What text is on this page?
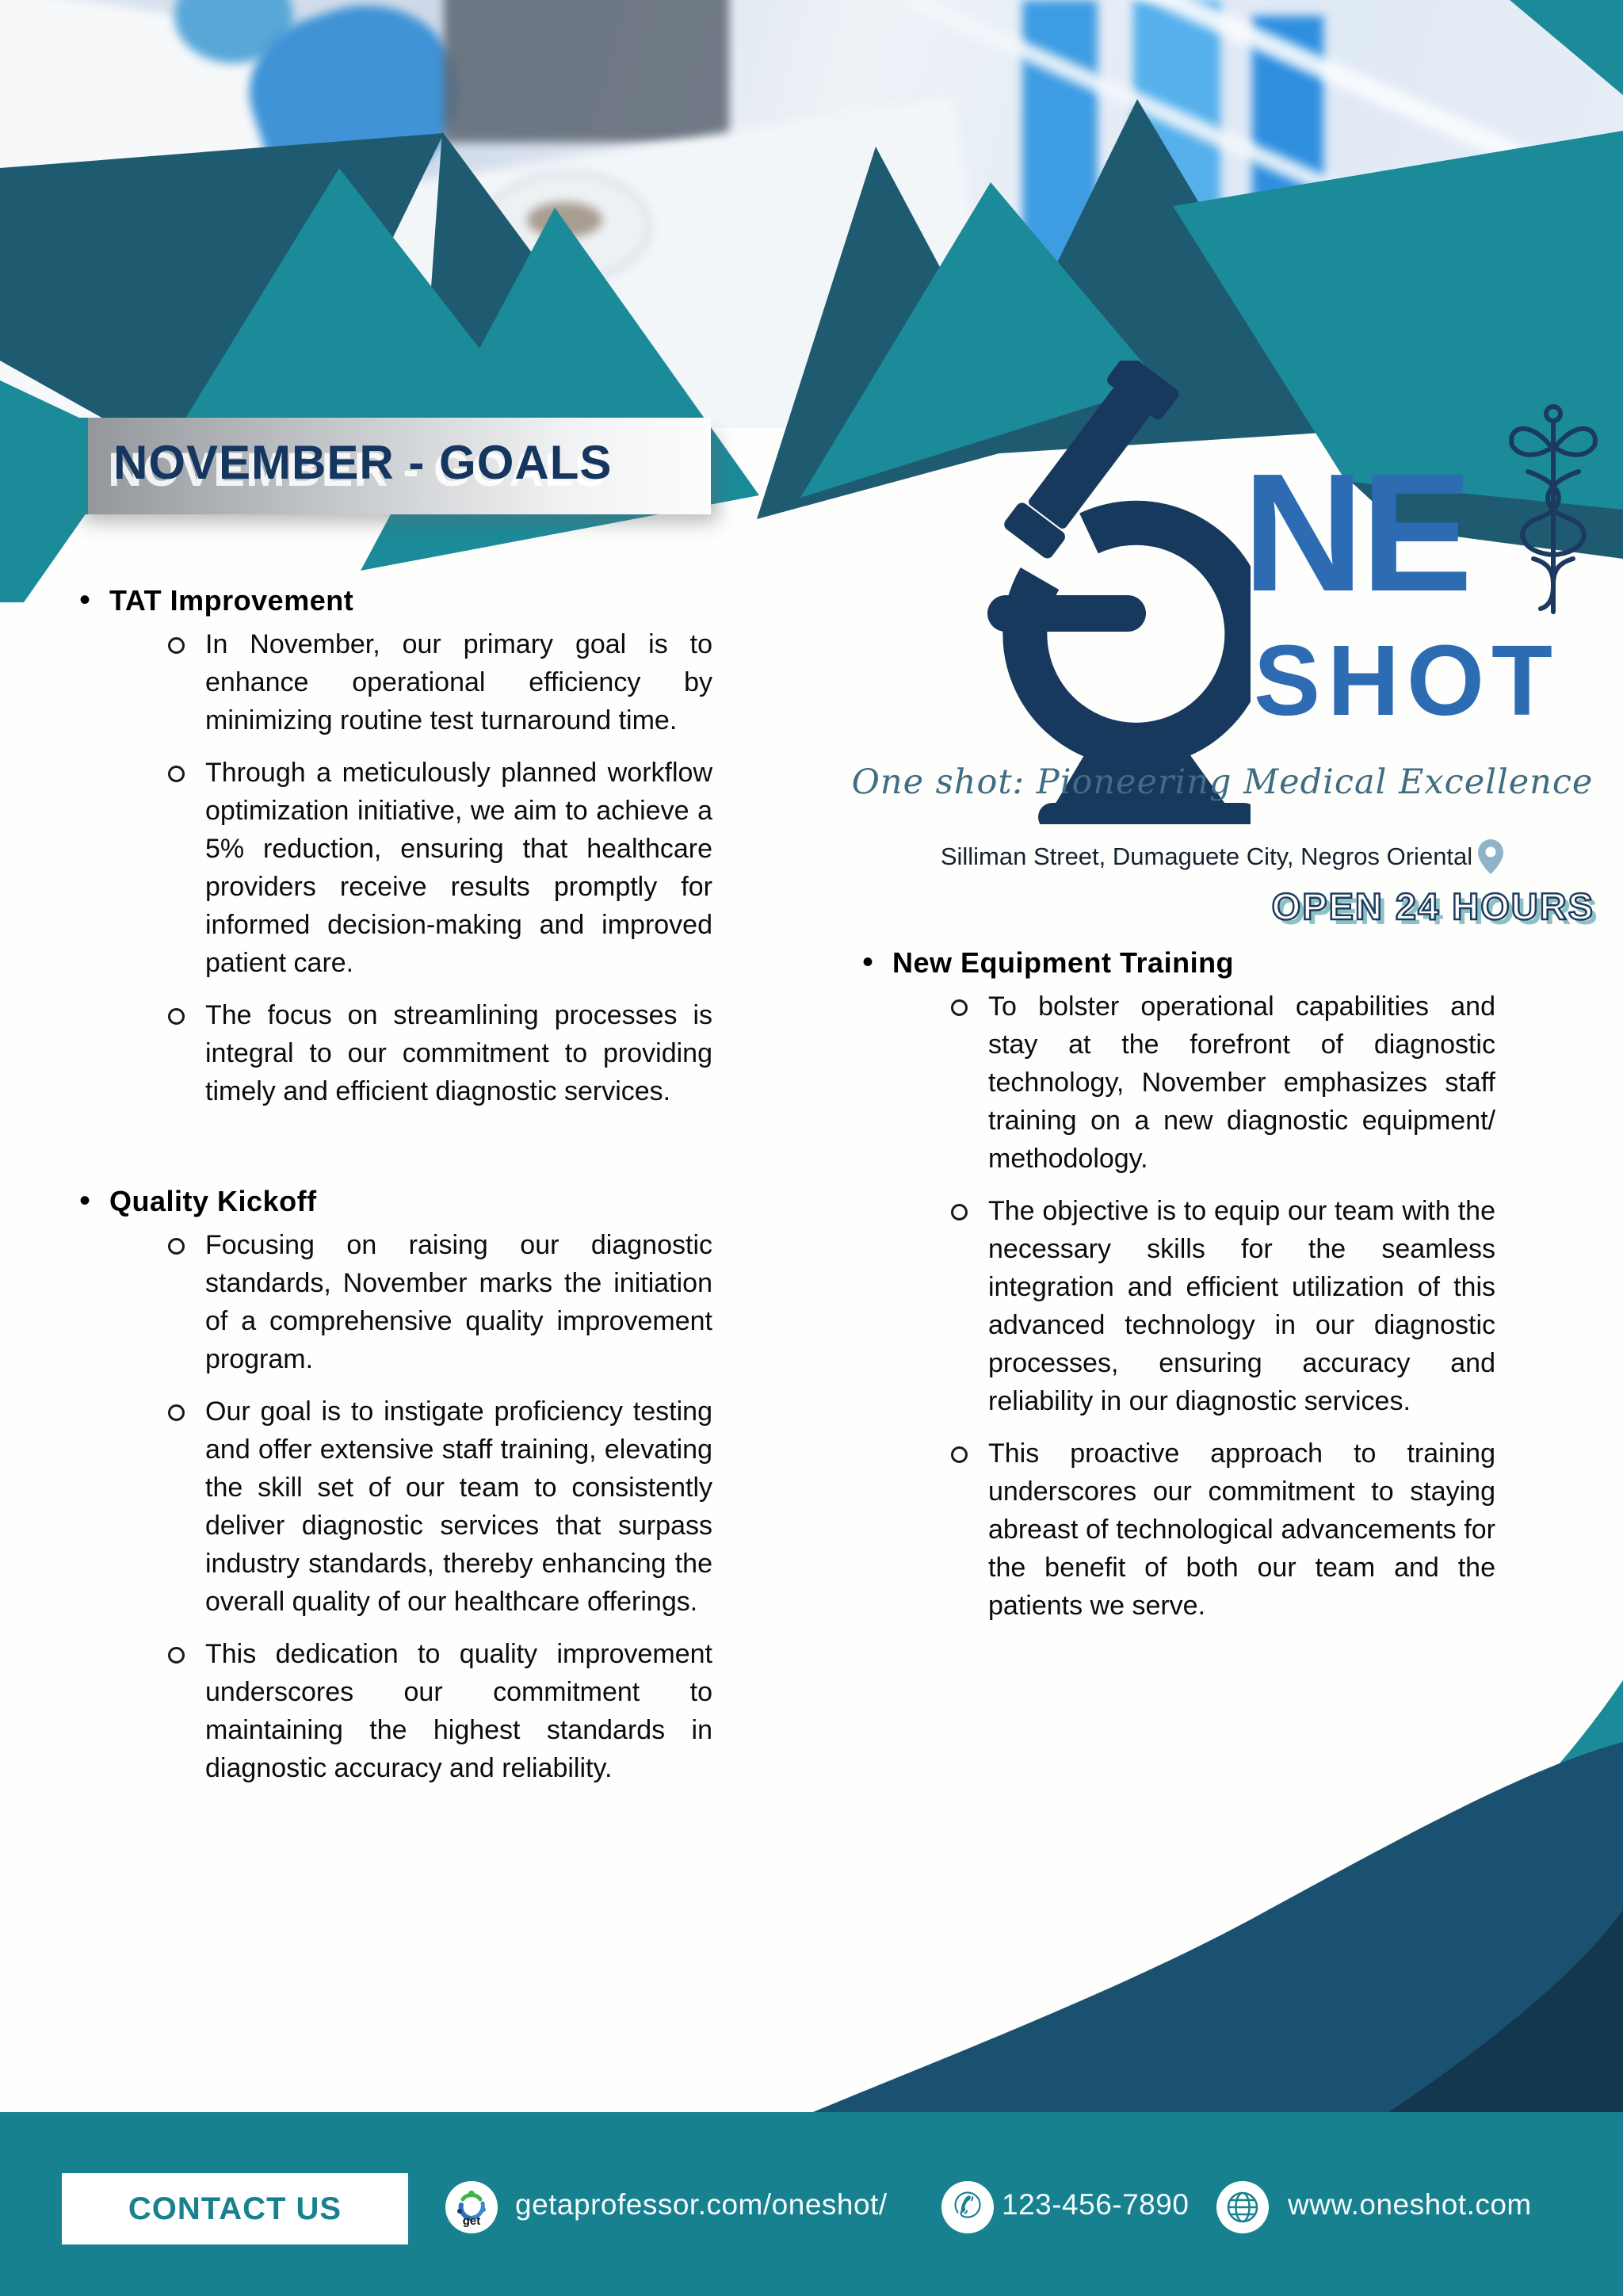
NOVEMBER - GOALS	NE
SHOT
One shot: Pioneering Medical Excellence
Silliman Street, Dumaguete City, Negros Oriental
OPEN 24 HOURS
• TAT Improvement
In November, our primary goal is to enhance operational efficiency by minimizing routine test turnaround time.
Through a meticulously planned workflow optimization initiative, we aim to achieve a 5% reduction, ensuring that healthcare providers receive results promptly for informed decision-making and improved patient care.
The focus on streamlining processes is integral to our commitment to providing timely and efficient diagnostic services.
• Quality Kickoff
Focusing on raising our diagnostic standards, November marks the initiation of a comprehensive quality improvement program.
Our goal is to instigate proficiency testing and offer extensive staff training, elevating the skill set of our team to consistently deliver diagnostic services that surpass industry standards, thereby enhancing the overall quality of our healthcare offerings.
This dedication to quality improvement underscores our commitment to maintaining the highest standards in diagnostic accuracy and reliability.
• New Equipment Training
To bolster operational capabilities and stay at the forefront of diagnostic technology, November emphasizes staff training on a new diagnostic equipment/ methodology.
The objective is to equip our team with the necessary skills for the seamless integration and efficient utilization of this advanced technology in our diagnostic processes, ensuring accuracy and reliability in our diagnostic services.
This proactive approach to training underscores our commitment to staying abreast of technological advancements for the benefit of both our team and the patients we serve.
CONTACT US	get
getaprofessor.com/oneshot/ ✆ 123-456-7890	www.oneshot.com
